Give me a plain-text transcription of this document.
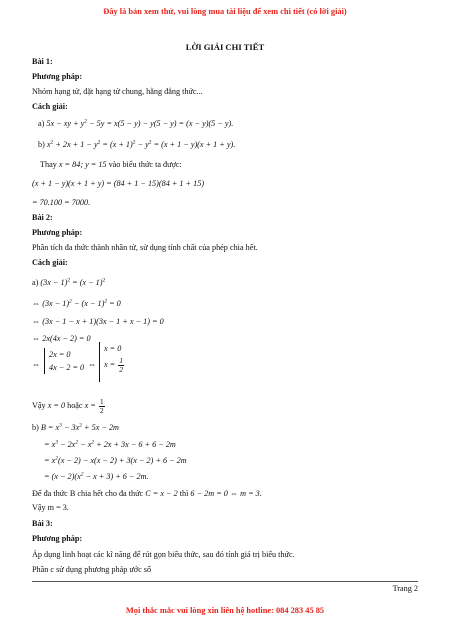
Đây là bản xem thử, vui lòng mua tài liệu để xem chi tiết (có lời giải)
LỜI GIẢI CHI TIẾT
Bài 1:
Phương pháp:
Nhóm hạng tử, đặt hạng tử chung, hằng đẳng thức...
Cách giải:
a) 5x − xy + $y^2 - 5y = x(5 - y) - y(5 - y) = (x - y)(5 - y)$.
b) $x^2 + 2x + 1 - y^2 = (x + 1)^2 - y^2 = (x + 1 - y)(x + 1 + y)$.
Thay x = 84; y = 15 vào biểu thức ta được:
(x + 1 − y)(x + 1 + y) = (84 + 1 − 15)(84 + 1 + 15)
= 70.100 = 7000.
Bài 2:
Phương pháp:
Phân tích đa thức thành nhân tử, sử dụng tính chất của phép chia hết.
Cách giải:
a) $(3x - 1)^2 = (x - 1)^2$
⇔ $(3x - 1)^2 - (x - 1)^2 = 0$
⇔ (3x − 1 − x + 1)(3x − 1 + x − 1) = 0
⇔ 2x(4x − 2) = 0
⇔
2x = 0
4x − 2 = 0 ⇔
x = 0
$x = \frac{1}{2}$
Vậy x = 0 hoặc $x = \frac{1}{2}$
b) $B = x^3 - 3x^2 + 5x - 2m$
= $x^3 - 2x^2 - x^2 + 2x + 3x - 6 + 6 - 2m$
= $x^2(x - 2) - x(x - 2) + 3(x - 2) + 6 - 2m$
= $(x - 2)(x^2 - x + 3) + 6 - 2m$.
Để đa thức B chia hết cho đa thức C = x − 2 thì 6 − 2m = 0 ⇔ m = 3.
Vậy m = 3.
Bài 3:
Phương pháp:
Áp dụng linh hoạt các kĩ năng để rút gọn biểu thức, sau đó tính giá trị biểu thức.
Phần c sử dụng phương pháp ước số
Trang 2
Mọi thắc mắc vui lòng xin liên hệ hotline: 084 283 45 85
